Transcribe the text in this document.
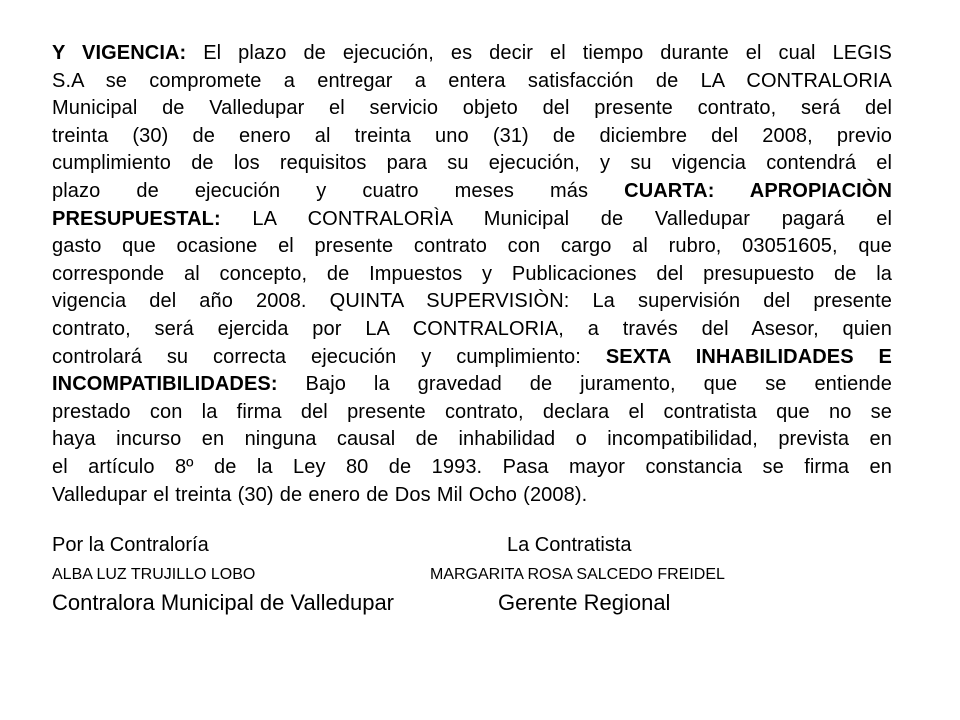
Y VIGENCIA: El plazo de ejecución, es decir el tiempo durante el cual LEGIS
S.A se compromete a entregar a entera satisfacción de LA CONTRALORIA
Municipal de Valledupar el servicio objeto del presente contrato, será del
treinta (30) de enero al treinta uno (31) de diciembre del 2008, previo
cumplimiento de los requisitos para su ejecución, y su vigencia contendrá el
plazo de ejecución y cuatro meses más CUARTA: APROPIACIÒN
PRESUPUESTAL: LA CONTRALORÌA Municipal de Valledupar pagará el
gasto que ocasione el presente contrato con cargo al rubro, 03051605, que
corresponde al concepto, de Impuestos y Publicaciones del presupuesto de la
vigencia del año 2008. QUINTA SUPERVISIÒN: La supervisión del presente
contrato, será ejercida por LA CONTRALORIA, a través del Asesor, quien
controlará su correcta ejecución y cumplimiento: SEXTA INHABILIDADES E
INCOMPATIBILIDADES: Bajo la gravedad de juramento, que se entiende
prestado con la firma del presente contrato, declara el contratista que no se
haya incurso en ninguna causal de inhabilidad o incompatibilidad, prevista en
el artículo 8º de la Ley 80 de 1993. Pasa mayor constancia se firma en
Valledupar el treinta (30) de enero de Dos Mil Ocho (2008).

Por la Contraloría	La Contratista
ALBA LUZ TRUJILLO LOBO	MARGARITA ROSA SALCEDO FREIDEL
Contralora Municipal de Valledupar	Gerente Regional
